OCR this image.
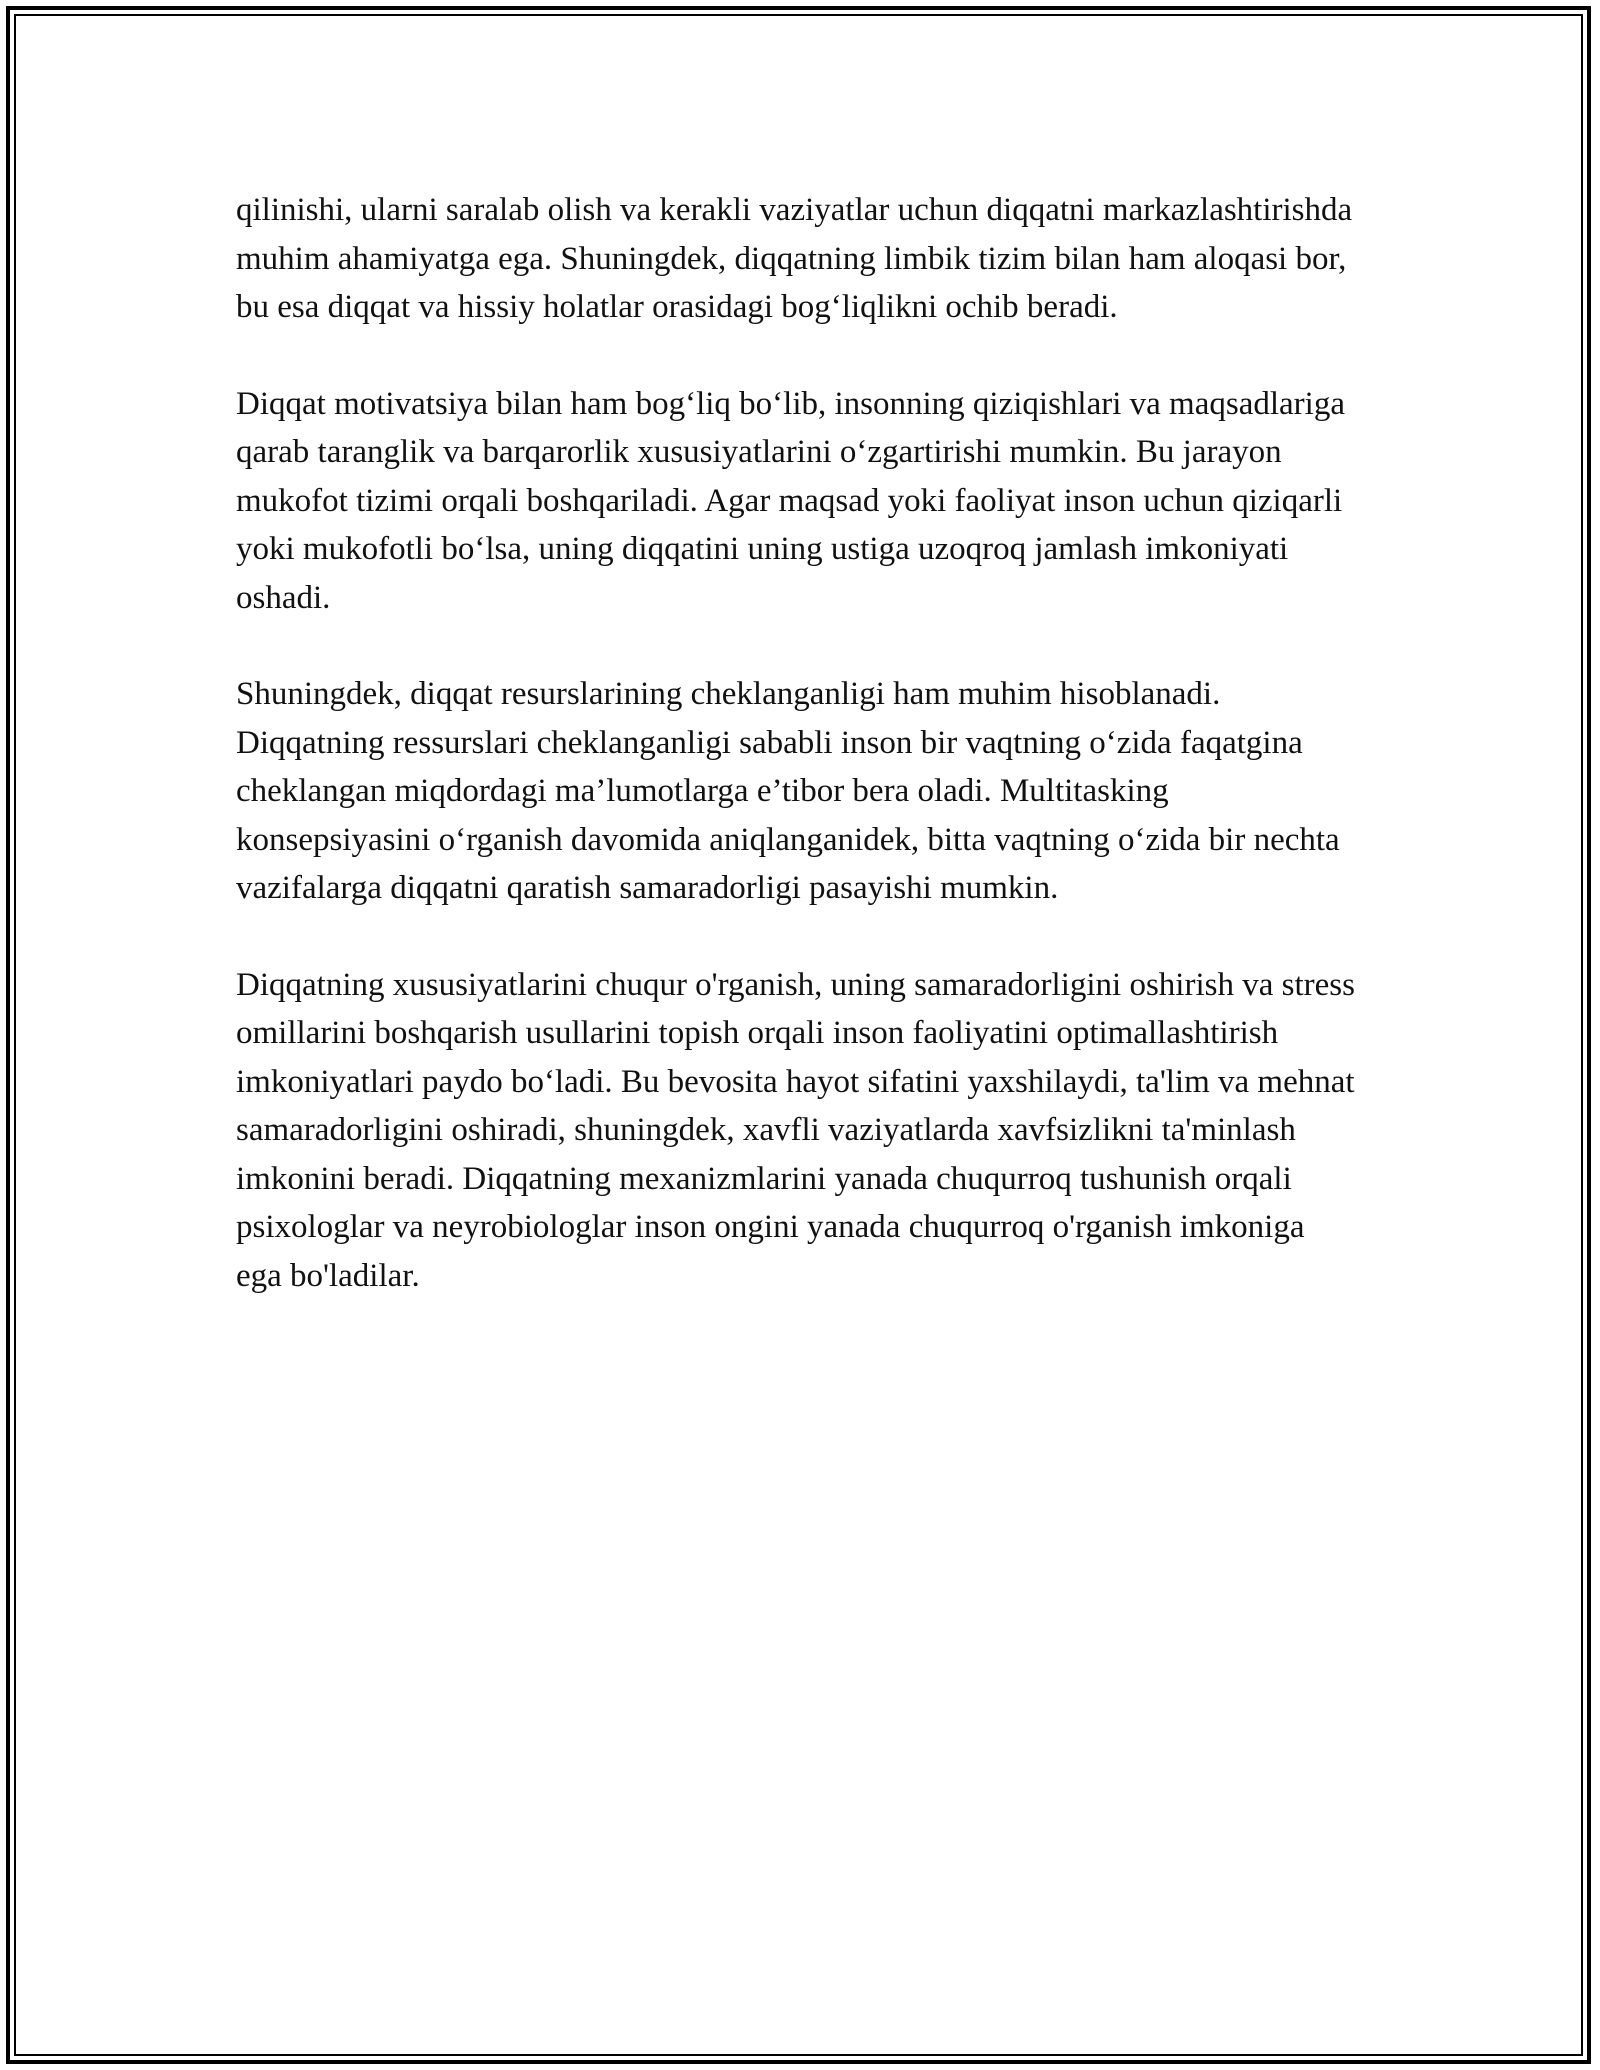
qilinishi, ularni saralab olish va kerakli vaziyatlar uchun diqqatni markazlashtirishda muhim ahamiyatga ega. Shuningdek, diqqatning limbik tizim bilan ham aloqasi bor, bu esa diqqat va hissiy holatlar orasidagi bog‘liqlikni ochib beradi.

Diqqat motivatsiya bilan ham bog‘liq bo‘lib, insonning qiziqishlari va maqsadlariga qarab taranglik va barqarorlik xususiyatlarini o‘zgartirishi mumkin. Bu jarayon mukofot tizimi orqali boshqariladi. Agar maqsad yoki faoliyat inson uchun qiziqarli yoki mukofotli bo‘lsa, uning diqqatini uning ustiga uzoqroq jamlash imkoniyati oshadi.

Shuningdek, diqqat resurslarining cheklanganligi ham muhim hisoblanadi. Diqqatning ressurslari cheklanganligi sababli inson bir vaqtning o‘zida faqatgina cheklangan miqdordagi ma’lumotlarga e’tibor bera oladi. Multitasking konsepsiyasini o‘rganish davomida aniqlanganidek, bitta vaqtning o‘zida bir nechta vazifalarga diqqatni qaratish samaradorligi pasayishi mumkin.

Diqqatning xususiyatlarini chuqur o'rganish, uning samaradorligini oshirish va stress omillarini boshqarish usullarini topish orqali inson faoliyatini optimallashtirish imkoniyatlari paydo bo‘ladi. Bu bevosita hayot sifatini yaxshilaydi, ta'lim va mehnat samaradorligini oshiradi, shuningdek, xavfli vaziyatlarda xavfsizlikni ta'minlash imkonini beradi. Diqqatning mexanizmlarini yanada chuqurroq tushunish orqali psixologlar va neyrobiologlar inson ongini yanada chuqurroq o'rganish imkoniga ega bo'ladilar.
